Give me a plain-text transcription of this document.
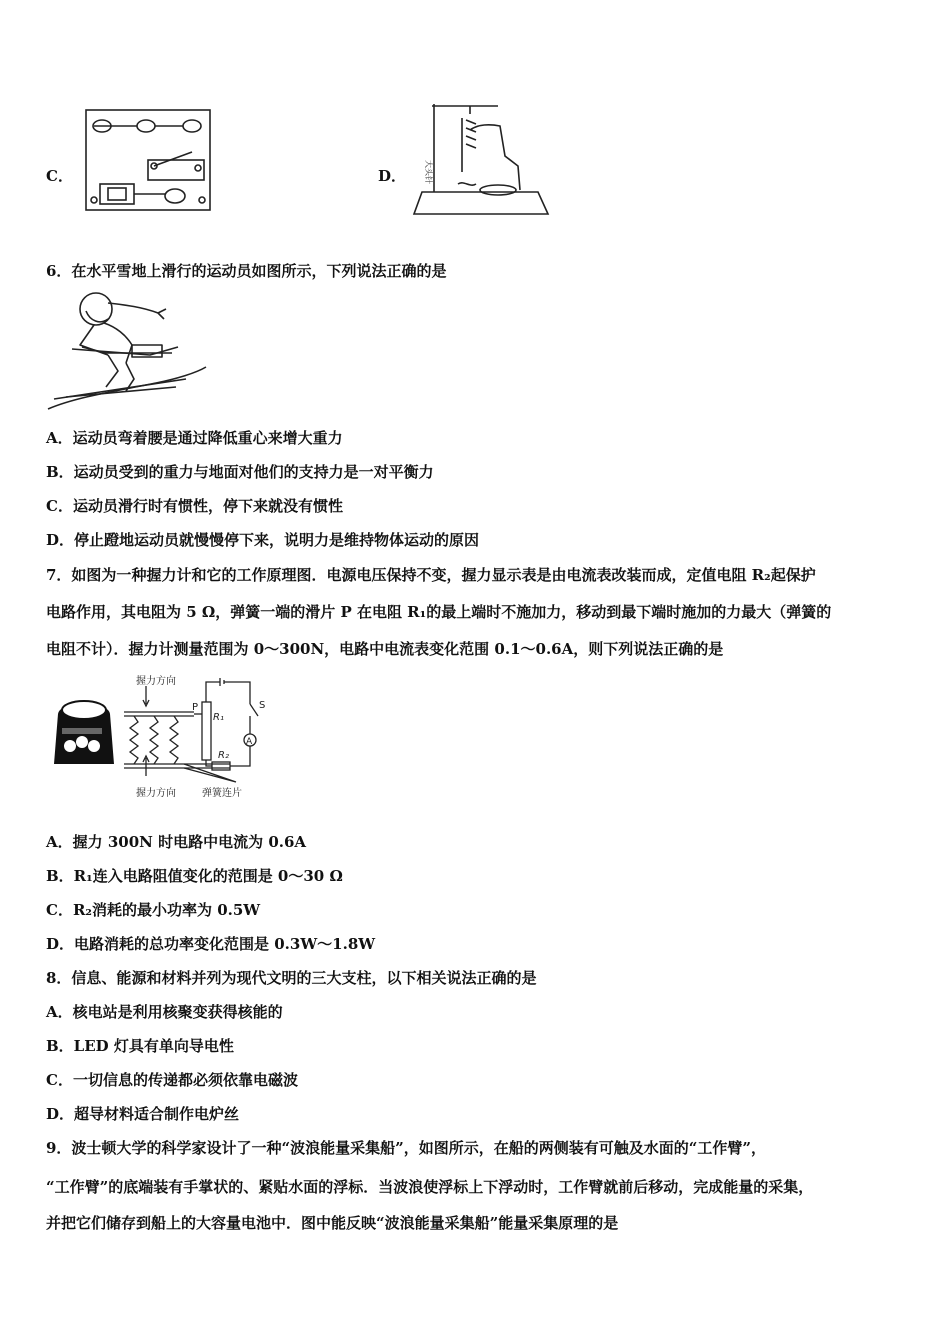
C．	D． 大头针
6．在水平雪地上滑行的运动员如图所示，下列说法正确的是
A．运动员弯着腰是通过降低重心来增大重力
B．运动员受到的重力与地面对他们的支持力是一对平衡力
C．运动员滑行时有惯性，停下来就没有惯性
D．停止蹬地运动员就慢慢停下来，说明力是维持物体运动的原因
7．如图为一种握力计和它的工作原理图．电源电压保持不变，握力显示表是由电流表改装而成，定值电阻 R₂起保护
电路作用，其电阻为 5 Ω，弹簧一端的滑片 P 在电阻 R₁的最上端时不施加力，移动到最下端时施加的力最大（弹簧的
电阻不计）．握力计测量范围为 0～300N，电路中电流表变化范围 0.1～0.6A，则下列说法正确的是
握力方向
握力方向	弹簧连片
P
R₁
R₂
S
A
A．握力 300N 时电路中电流为 0.6A
B．R₁连入电路阻值变化的范围是 0～30 Ω
C．R₂消耗的最小功率为 0.5W
D．电路消耗的总功率变化范围是 0.3W～1.8W
8．信息、能源和材料并列为现代文明的三大支柱，以下相关说法正确的是
A．核电站是利用核聚变获得核能的
B．LED 灯具有单向导电性
C．一切信息的传递都必须依靠电磁波
D．超导材料适合制作电炉丝
9．波士顿大学的科学家设计了一种“波浪能量采集船”，如图所示，在船的两侧装有可触及水面的“工作臂”，
“工作臂”的底端装有手掌状的、紧贴水面的浮标．当波浪使浮标上下浮动时，工作臂就前后移动，完成能量的采集，
并把它们储存到船上的大容量电池中．图中能反映“波浪能量采集船”能量采集原理的是
